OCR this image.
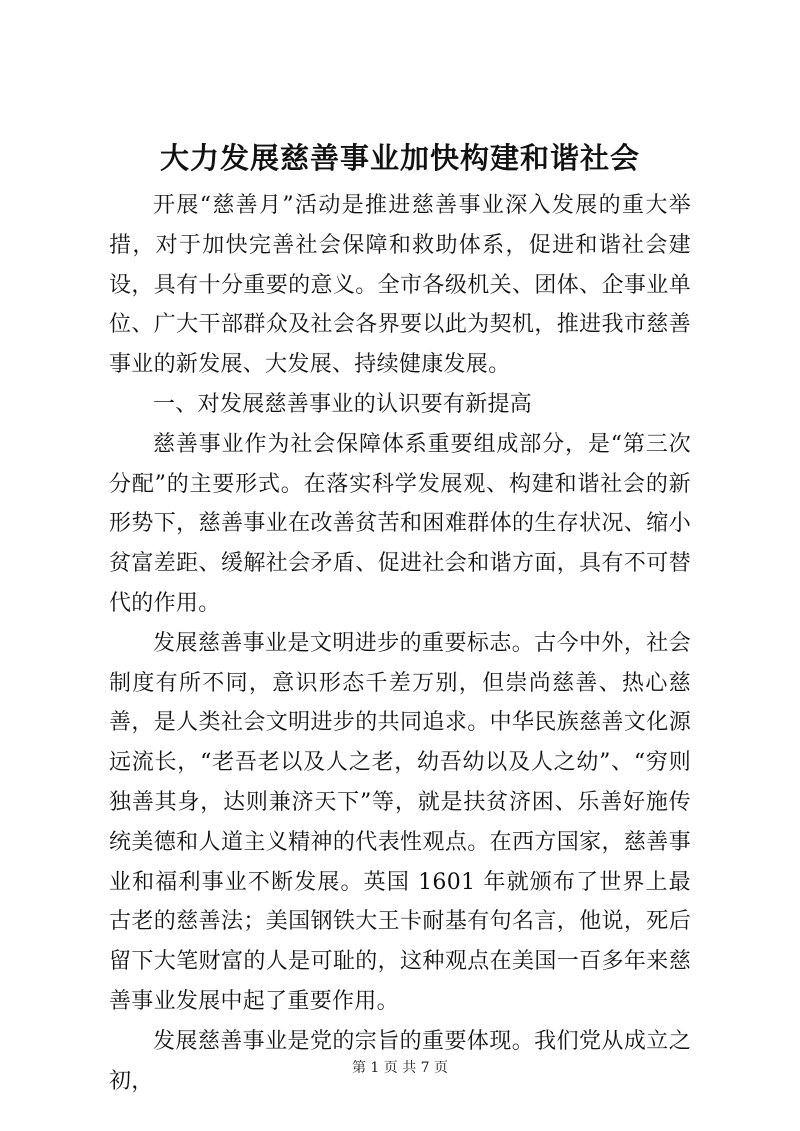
大力发展慈善事业加快构建和谐社会

开展“慈善月”活动是推进慈善事业深入发展的重大举措，对于加快完善社会保障和救助体系，促进和谐社会建设，具有十分重要的意义。全市各级机关、团体、企事业单位、广大干部群众及社会各界要以此为契机，推进我市慈善事业的新发展、大发展、持续健康发展。

一、对发展慈善事业的认识要有新提高

慈善事业作为社会保障体系重要组成部分，是“第三次分配”的主要形式。在落实科学发展观、构建和谐社会的新形势下，慈善事业在改善贫苦和困难群体的生存状况、缩小贫富差距、缓解社会矛盾、促进社会和谐方面，具有不可替代的作用。

发展慈善事业是文明进步的重要标志。古今中外，社会制度有所不同，意识形态千差万别，但崇尚慈善、热心慈善，是人类社会文明进步的共同追求。中华民族慈善文化源远流长，“老吾老以及人之老，幼吾幼以及人之幼”、“穷则独善其身，达则兼济天下”等，就是扶贫济困、乐善好施传统美德和人道主义精神的代表性观点。在西方国家，慈善事业和福利事业不断发展。英国 1601 年就颁布了世界上最古老的慈善法；美国钢铁大王卡耐基有句名言，他说，死后留下大笔财富的人是可耻的，这种观点在美国一百多年来慈善事业发展中起了重要作用。

发展慈善事业是党的宗旨的重要体现。我们党从成立之初，

第 1 页 共 7 页
